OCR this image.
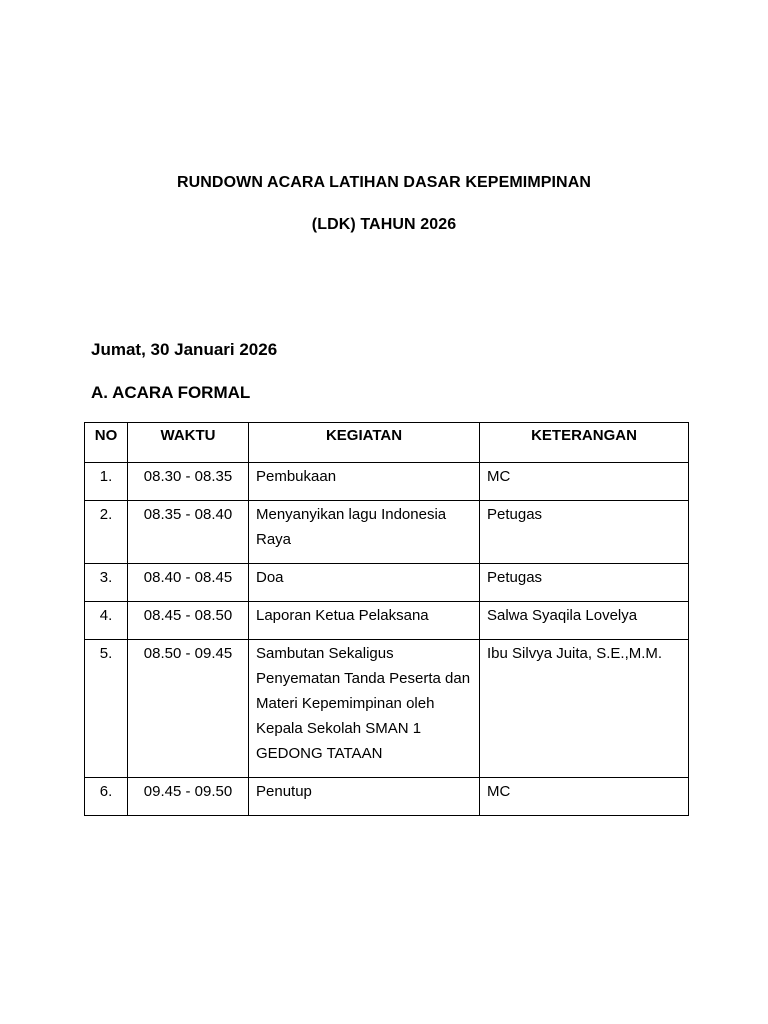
RUNDOWN ACARA LATIHAN DASAR KEPEMIMPINAN
(LDK) TAHUN 2026
Jumat, 30 Januari 2026
A. ACARA FORMAL
NO	WAKTU	KEGIATAN	KETERANGAN
1.	08.30 - 08.35	Pembukaan	MC
2.	08.35 - 08.40	Menyanyikan lagu Indonesia Raya	Petugas
3.	08.40 - 08.45	Doa	Petugas
4.	08.45 - 08.50	Laporan Ketua Pelaksana	Salwa Syaqila Lovelya
5.	08.50 - 09.45	Sambutan Sekaligus Penyematan Tanda Peserta dan Materi Kepemimpinan oleh Kepala Sekolah SMAN 1 GEDONG TATAAN	Ibu Silvya Juita, S.E.,M.M.
6.	09.45 - 09.50	Penutup	MC
